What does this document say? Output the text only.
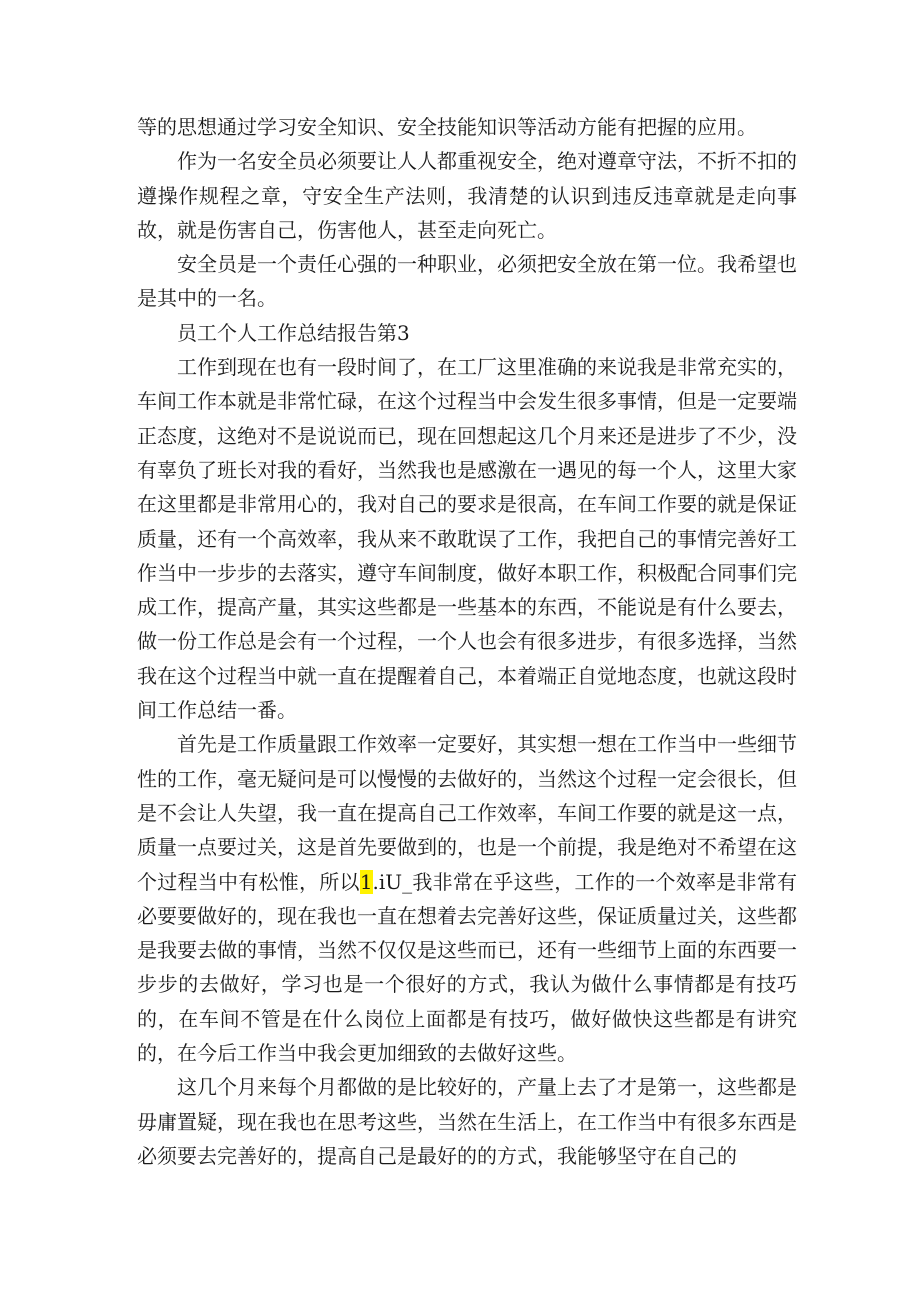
等的思想通过学习安全知识、安全技能知识等活动方能有把握的应用。

作为一名安全员必须要让人人都重视安全，绝对遵章守法，不折不扣的遵操作规程之章，守安全生产法则，我清楚的认识到违反违章就是走向事故，就是伤害自己，伤害他人，甚至走向死亡。

安全员是一个责任心强的一种职业，必须把安全放在第一位。我希望也是其中的一名。

员工个人工作总结报告第3

工作到现在也有一段时间了，在工厂这里准确的来说我是非常充实的，车间工作本就是非常忙碌，在这个过程当中会发生很多事情，但是一定要端正态度，这绝对不是说说而已，现在回想起这几个月来还是进步了不少，没有辜负了班长对我的看好，当然我也是感激在一遇见的每一个人，这里大家在这里都是非常用心的，我对自己的要求是很高，在车间工作要的就是保证质量，还有一个高效率，我从来不敢耽误了工作，我把自己的事情完善好工作当中一步步的去落实，遵守车间制度，做好本职工作，积极配合同事们完成工作，提高产量，其实这些都是一些基本的东西，不能说是有什么要去，做一份工作总是会有一个过程，一个人也会有很多进步，有很多选择，当然我在这个过程当中就一直在提醒着自己，本着端正自觉地态度，也就这段时间工作总结一番。

首先是工作质量跟工作效率一定要好，其实想一想在工作当中一些细节性的工作，毫无疑问是可以慢慢的去做好的，当然这个过程一定会很长，但是不会让人失望，我一直在提高自己工作效率，车间工作要的就是这一点，质量一点要过关，这是首先要做到的，也是一个前提，我是绝对不希望在这个过程当中有松惟，所以1.iU_我非常在乎这些，工作的一个效率是非常有必要要做好的，现在我也一直在想着去完善好这些，保证质量过关，这些都是我要去做的事情，当然不仅仅是这些而已，还有一些细节上面的东西要一步步的去做好，学习也是一个很好的方式，我认为做什么事情都是有技巧的，在车间不管是在什么岗位上面都是有技巧，做好做快这些都是有讲究的，在今后工作当中我会更加细致的去做好这些。

这几个月来每个月都做的是比较好的，产量上去了才是第一，这些都是毋庸置疑，现在我也在思考这些，当然在生活上，在工作当中有很多东西是必须要去完善好的，提高自己是最好的的方式，我能够坚守在自己的
